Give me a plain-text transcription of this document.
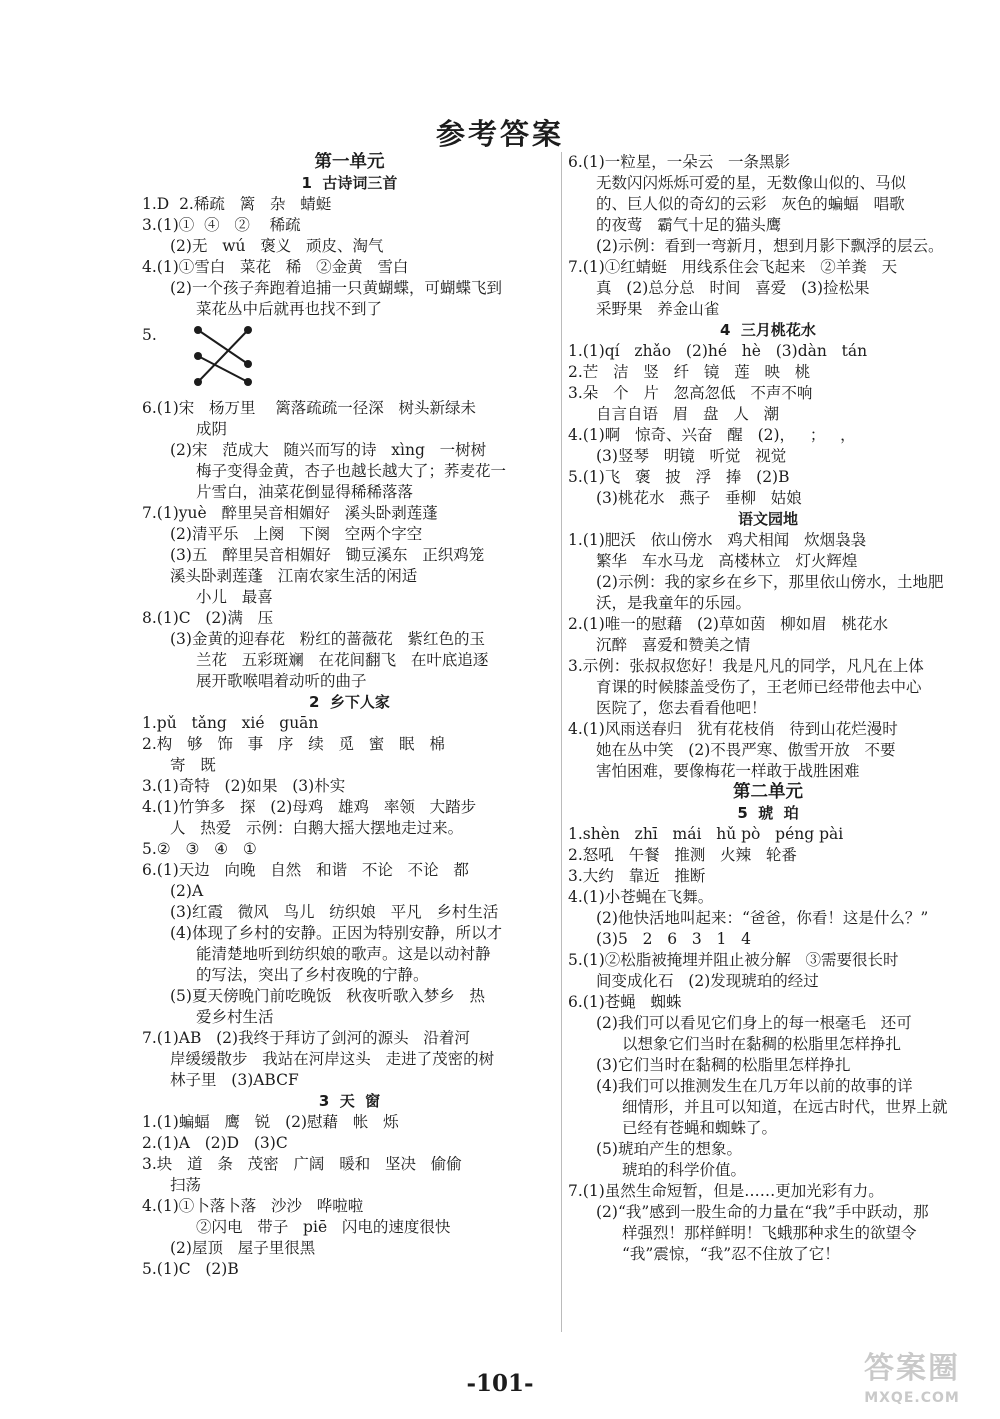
参考答案
第一单元
1  古诗词三首
1.D  2.稀疏   篱   杂   蜻蜓
3.(1)①  ④   ②    稀疏
(2)无   wú   褒义   顽皮、淘气
4.(1)①雪白   菜花   稀   ②金黄   雪白
(2)一个孩子奔跑着追捕一只黄蝴蝶，可蝴蝶飞到
菜花丛中后就再也找不到了
5.
6.(1)宋   杨万里    篱落疏疏一径深   树头新绿未
成阴
(2)宋   范成大   随兴而写的诗   xìng   一树树
梅子变得金黄，杏子也越长越大了；荞麦花一
片雪白，油菜花倒显得稀稀落落
7.(1)yuè   醉里吴音相媚好   溪头卧剥莲蓬
(2)清平乐   上阕   下阕   空两个字空
(3)五   醉里吴音相媚好   锄豆溪东   正织鸡笼
溪头卧剥莲蓬   江南农家生活的闲适
小儿   最喜
8.(1)C   (2)满   压
(3)金黄的迎春花   粉红的蔷薇花   紫红色的玉
兰花   五彩斑斓   在花间翻飞   在叶底追逐
展开歌喉唱着动听的曲子
2  乡下人家
1.pǔ   tǎng   xié   guān
2.构   够   饰   事   序   续   觅   蜜   眠   棉
寄   既
3.(1)奇特   (2)如果   (3)朴实
4.(1)竹笋多   探   (2)母鸡   雄鸡   率领   大踏步
人   热爱   示例：白鹅大摇大摆地走过来。
5.②   ③   ④   ①
6.(1)天边   向晚   自然   和谐   不论   不论   都
(2)A
(3)红霞   微风   鸟儿   纺织娘   平凡   乡村生活
(4)体现了乡村的安静。正因为特别安静，所以才
能清楚地听到纺织娘的歌声。这是以动衬静
的写法，突出了乡村夜晚的宁静。
(5)夏天傍晚门前吃晚饭   秋夜听歌入梦乡   热
爱乡村生活
7.(1)AB   (2)我终于拜访了剑河的源头   沿着河
岸缓缓散步   我站在河岸这头   走进了茂密的树
林子里   (3)ABCF
3  天  窗
1.(1)蝙蝠   鹰   锐   (2)慰藉   帐   烁
2.(1)A   (2)D   (3)C
3.块   道   条   茂密   广阔   暖和   坚决   偷偷
扫荡
4.(1)①卜落卜落   沙沙   哗啦啦
②闪电   带子   piē   闪电的速度很快
(2)屋顶   屋子里很黑
5.(1)C   (2)B
6.(1)一粒星，一朵云   一条黑影
无数闪闪烁烁可爱的星，无数像山似的、马似
的、巨人似的奇幻的云彩   灰色的蝙蝠   唱歌
的夜莺   霸气十足的猫头鹰
(2)示例：看到一弯新月，想到月影下飘浮的层云。
7.(1)①红蜻蜓   用线系住会飞起来   ②羊粪   天
真   (2)总分总   时间   喜爱   (3)捡松果
采野果   养金山雀
4  三月桃花水
1.(1)qí   zhǎo   (2)hé   hè   (3)dàn   tán
2.芒   洁   竖   纤   镜   莲   映   桃
3.朵   个   片   忽高忽低   不声不响
自言自语   眉   盘   人   潮
4.(1)啊   惊奇、兴奋   醒   (2)，   ；   ，
(3)竖琴   明镜   听觉   视觉
5.(1)飞   褒   披   浮   捧   (2)B
(3)桃花水   燕子   垂柳   姑娘
语文园地
1.(1)肥沃   依山傍水   鸡犬相闻   炊烟袅袅
繁华   车水马龙   高楼林立   灯火辉煌
(2)示例：我的家乡在乡下，那里依山傍水，土地肥
沃，是我童年的乐园。
2.(1)唯一的慰藉   (2)草如茵   柳如眉   桃花水
沉醉   喜爱和赞美之情
3.示例：张叔叔您好！我是凡凡的同学，凡凡在上体
育课的时候膝盖受伤了，王老师已经带他去中心
医院了，您去看看他吧！
4.(1)风雨送春归   犹有花枝俏   待到山花烂漫时
她在丛中笑   (2)不畏严寒、傲雪开放   不要
害怕困难，要像梅花一样敢于战胜困难
第二单元
5  琥  珀
1.shèn   zhī   mái   hǔ pò   péng pài
2.怒吼   午餐   推测   火辣   轮番
3.大约   靠近   推断
4.(1)小苍蝇在飞舞。
(2)他快活地叫起来：“爸爸，你看！这是什么？”
(3)5   2   6   3   1   4
5.(1)②松脂被掩埋并阻止被分解   ③需要很长时
间变成化石   (2)发现琥珀的经过
6.(1)苍蝇   蜘蛛
(2)我们可以看见它们身上的每一根毫毛   还可
以想象它们当时在黏稠的松脂里怎样挣扎
(3)它们当时在黏稠的松脂里怎样挣扎
(4)我们可以推测发生在几万年以前的故事的详
细情形，并且可以知道，在远古时代，世界上就
已经有苍蝇和蜘蛛了。
(5)琥珀产生的想象。
琥珀的科学价值。
7.(1)虽然生命短暂，但是……更加光彩有力。
(2)“我”感到一股生命的力量在“我”手中跃动，那
样强烈！那样鲜明！飞蛾那种求生的欲望令
“我”震惊，“我”忍不住放了它！
-101-	答案圈
MXQE.COM
